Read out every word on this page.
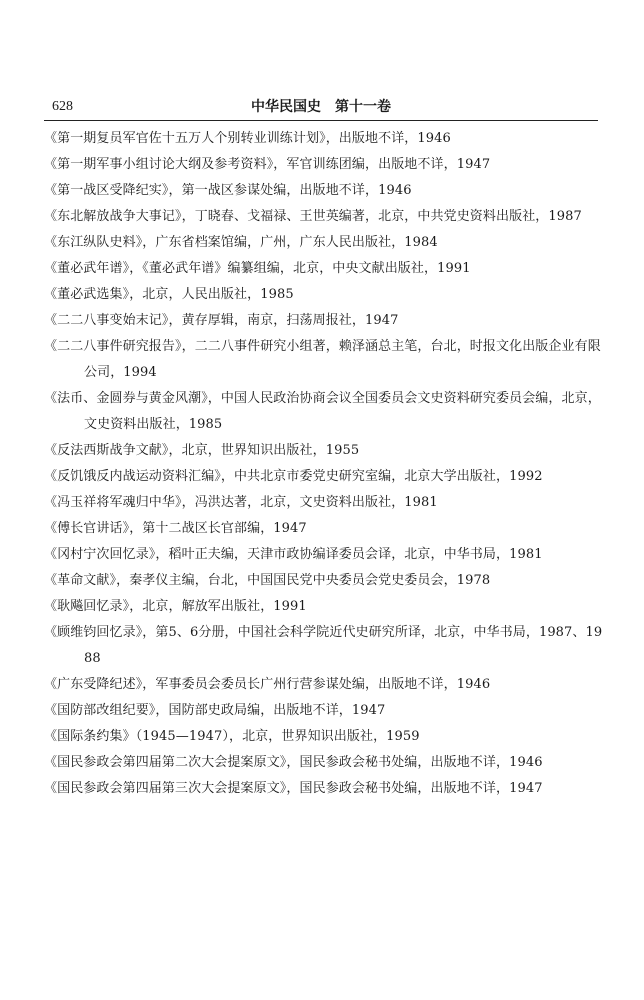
628	中华民国史　第十一卷
《第一期复员军官佐十五万人个别转业训练计划》，出版地不详，1946
《第一期军事小组讨论大纲及参考资料》，军官训练团编，出版地不详，1947
《第一战区受降纪实》，第一战区参谋处编，出版地不详，1946
《东北解放战争大事记》，丁晓春、戈福禄、王世英编著，北京，中共党史资料出版社，1987
《东江纵队史料》，广东省档案馆编，广州，广东人民出版社，1984
《董必武年谱》，《董必武年谱》编纂组编，北京，中央文献出版社，1991
《董必武选集》，北京，人民出版社，1985
《二二八事变始末记》，黄存厚辑，南京，扫荡周报社，1947
《二二八事件研究报告》，二二八事件研究小组著，赖泽涵总主笔，台北，时报文化出版企业有限公司，1994
《法币、金圆券与黄金风潮》，中国人民政治协商会议全国委员会文史资料研究委员会编，北京，文史资料出版社，1985
《反法西斯战争文献》，北京，世界知识出版社，1955
《反饥饿反内战运动资料汇编》，中共北京市委党史研究室编，北京大学出版社，1992
《冯玉祥将军魂归中华》，冯洪达著，北京，文史资料出版社，1981
《傅长官讲话》，第十二战区长官部编，1947
《冈村宁次回忆录》，稻叶正夫编，天津市政协编译委员会译，北京，中华书局，1981
《革命文献》，秦孝仪主编，台北，中国国民党中央委员会党史委员会，1978
《耿飚回忆录》，北京，解放军出版社，1991
《顾维钧回忆录》，第5、6分册，中国社会科学院近代史研究所译，北京，中华书局，1987、1988
《广东受降纪述》，军事委员会委员长广州行营参谋处编，出版地不详，1946
《国防部改组纪要》，国防部史政局编，出版地不详，1947
《国际条约集》（1945—1947），北京，世界知识出版社，1959
《国民参政会第四届第二次大会提案原文》，国民参政会秘书处编，出版地不详，1946
《国民参政会第四届第三次大会提案原文》，国民参政会秘书处编，出版地不详，1947
